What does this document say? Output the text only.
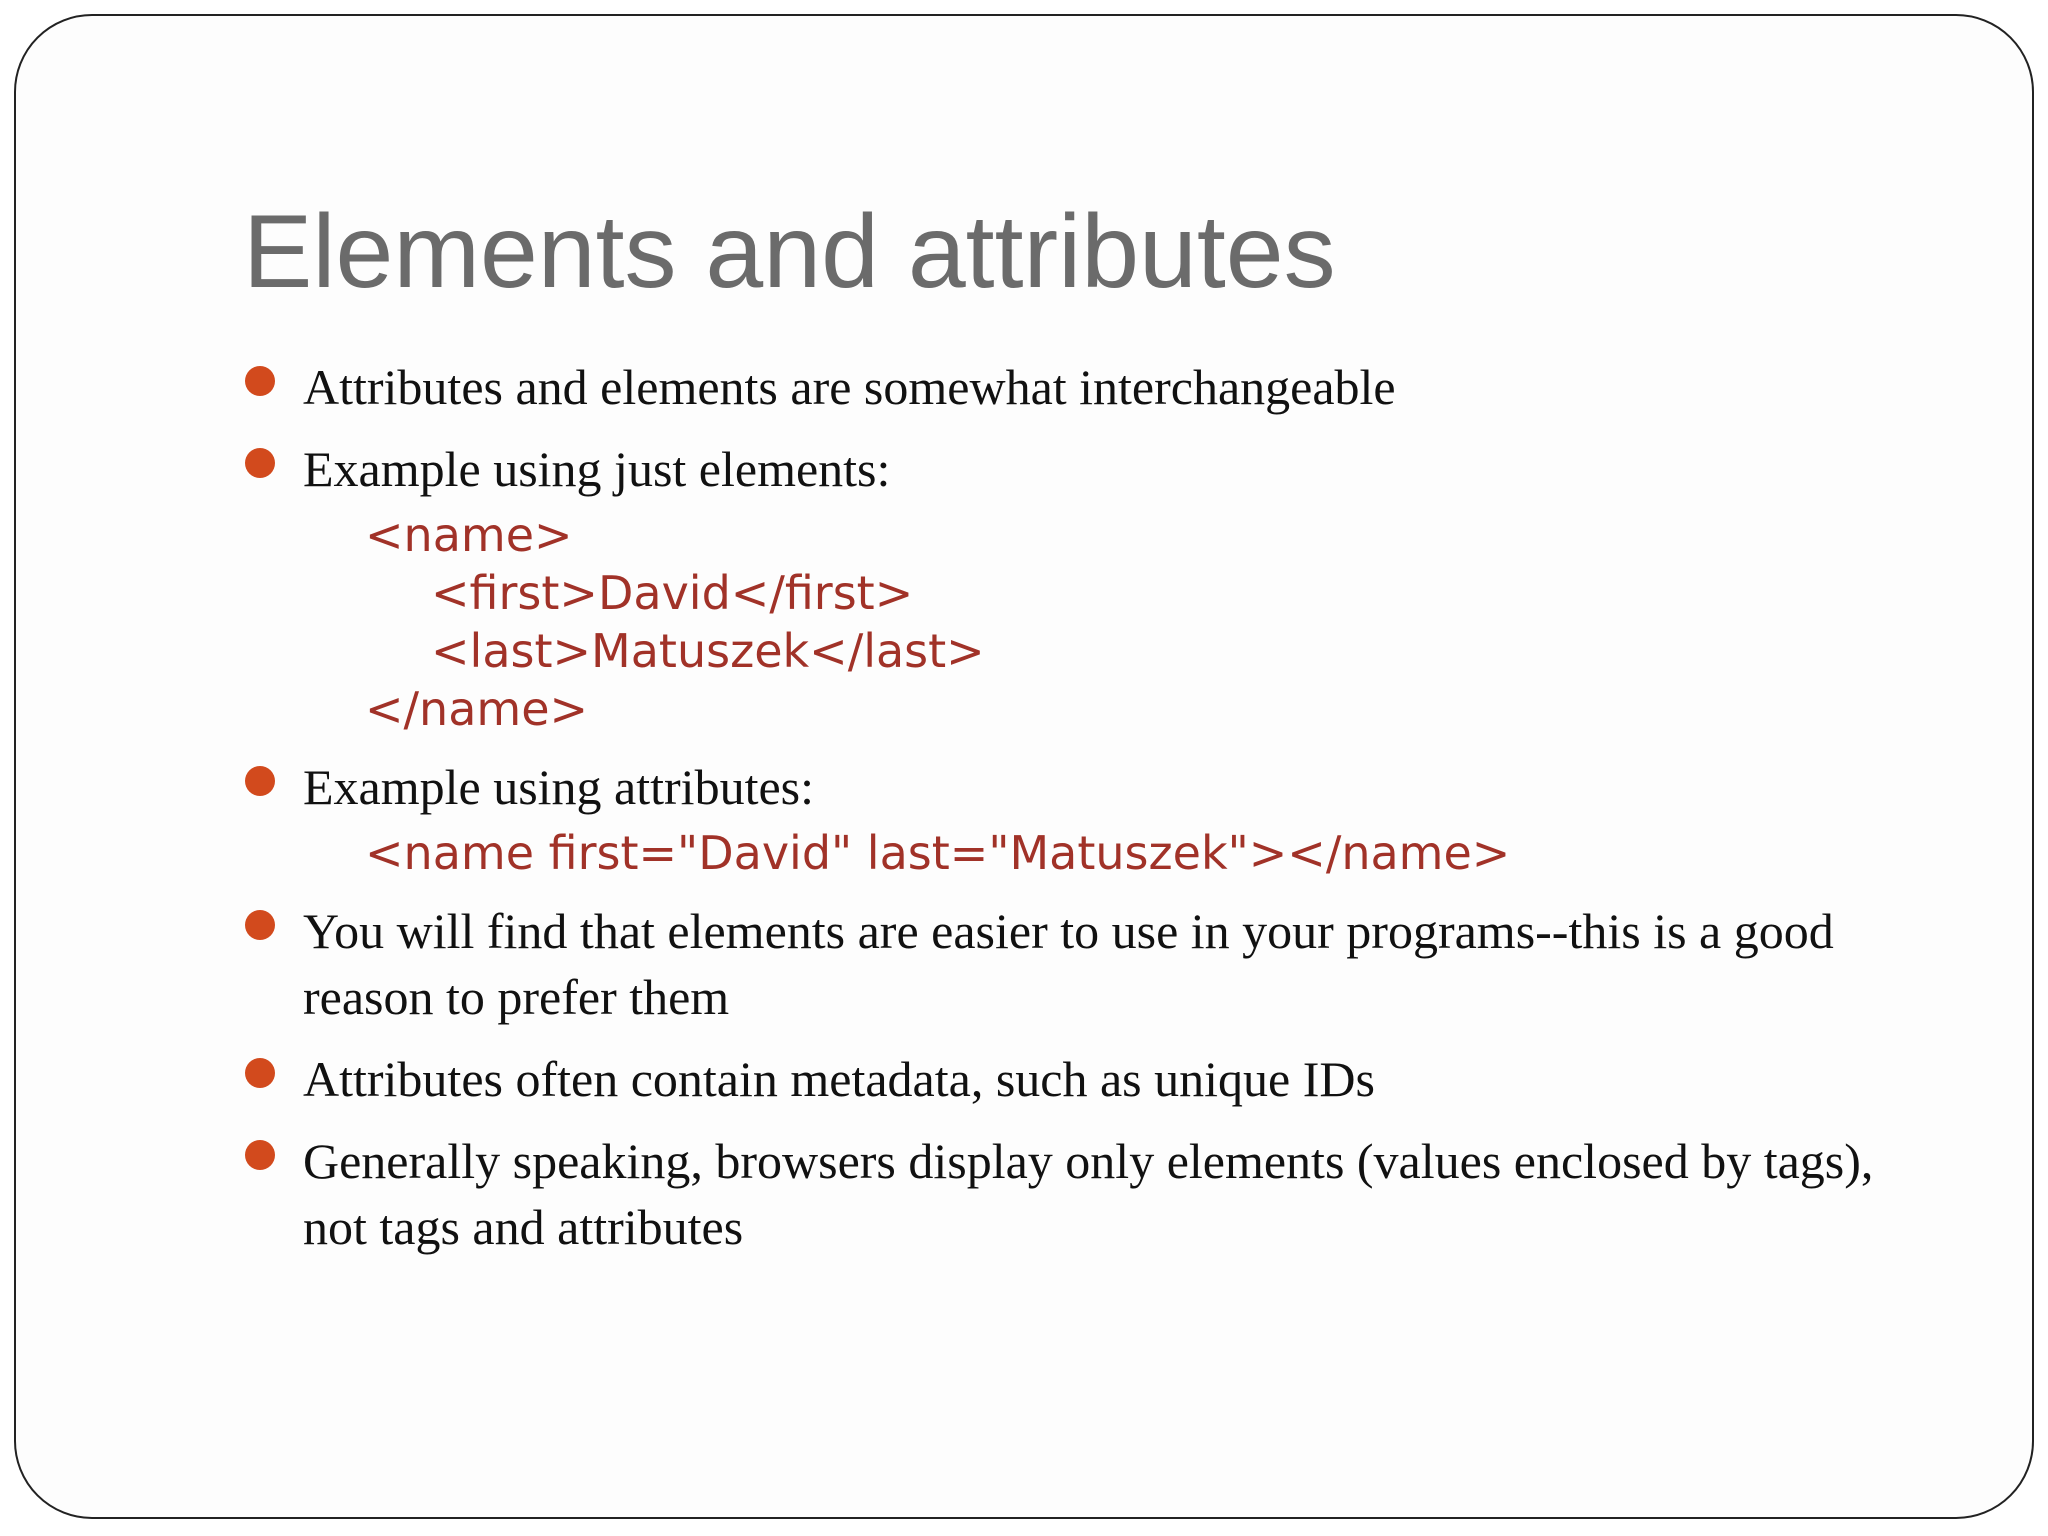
Elements and attributes
Attributes and elements are somewhat interchangeable
Example using just elements:
<name>
<first>David</first>
<last>Matuszek</last>
</name>
Example using attributes:
<name first="David" last="Matuszek"></name>
You will find that elements are easier to use in your programs--this is a good reason to prefer them
Attributes often contain metadata, such as unique IDs
Generally speaking, browsers display only elements (values enclosed by tags), not tags and attributes
